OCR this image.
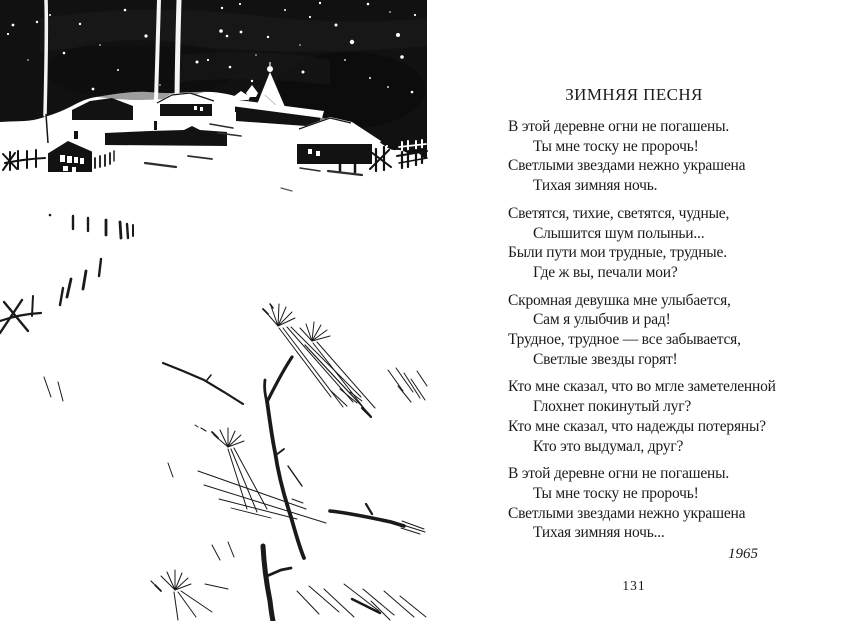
ЗИМНЯЯ ПЕСНЯ
В этой деревне огни не погашены.
Ты мне тоску не пророчь!
Светлыми звездами нежно украшена
Тихая зимняя ночь.
Светятся, тихие, светятся, чудные,
Слышится шум полыньи...
Были пути мои трудные, трудные.
Где ж вы, печали мои?
Скромная девушка мне улыбается,
Сам я улыбчив и рад!
Трудное, трудное — все забывается,
Светлые звезды горят!
Кто мне сказал, что во мгле заметеленной
Глохнет покинутый луг?
Кто мне сказал, что надежды потеряны?
Кто это выдумал, друг?
В этой деревне огни не погашены.
Ты мне тоску не пророчь!
Светлыми звездами нежно украшена
Тихая зимняя ночь...
1965
131
